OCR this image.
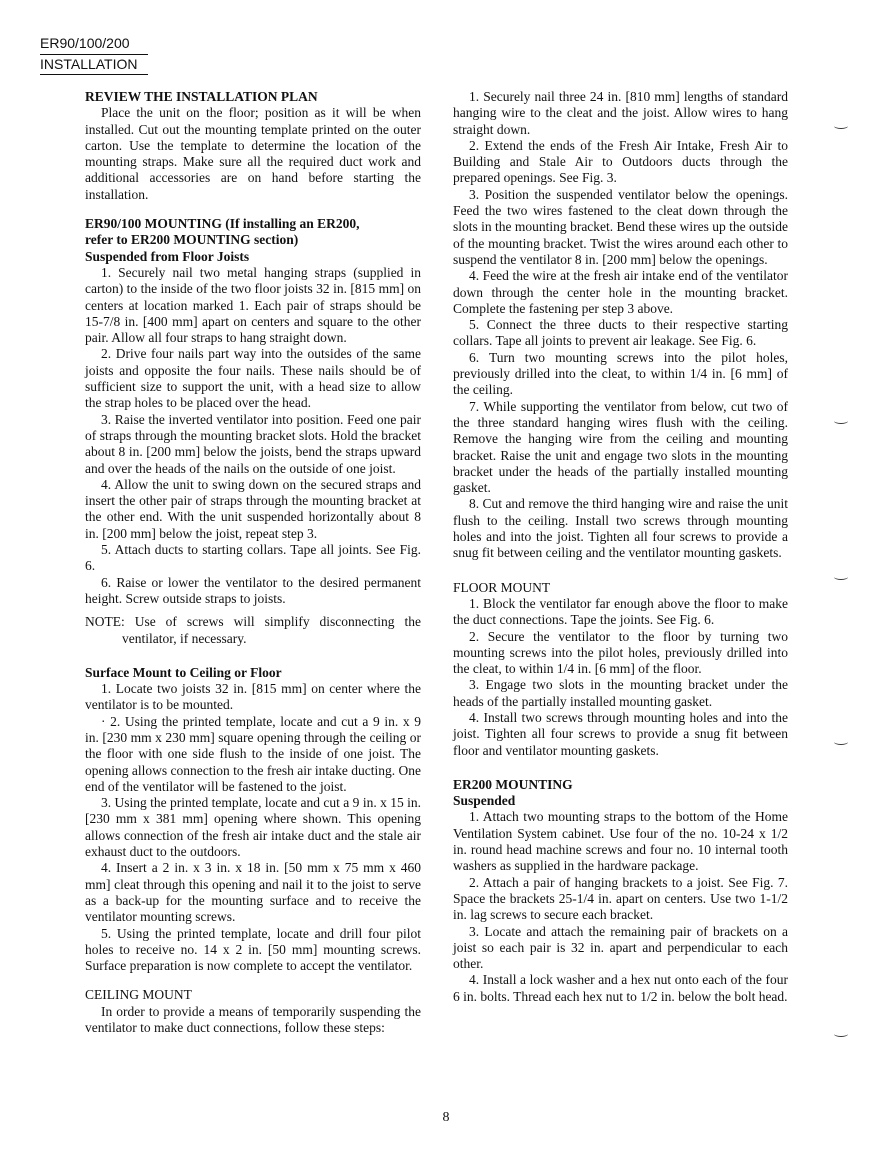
ER90/100/200
INSTALLATION
REVIEW THE INSTALLATION PLAN

Place the unit on the floor; position as it will be when installed. Cut out the mounting template printed on the outer carton. Use the template to determine the location of the mounting straps. Make sure all the required duct work and additional accessories are on hand before starting the installation.

ER90/100 MOUNTING (If installing an ER200,
refer to ER200 MOUNTING section)
Suspended from Floor Joists

1. Securely nail two metal hanging straps (supplied in carton) to the inside of the two floor joists 32 in. [815 mm] on centers at location marked 1. Each pair of straps should be 15-7/8 in. [400 mm] apart on centers and square to the other pair. Allow all four straps to hang straight down.

2. Drive four nails part way into the outsides of the same joists and opposite the four nails. These nails should be of sufficient size to support the unit, with a head size to allow the strap holes to be placed over the head.

3. Raise the inverted ventilator into position. Feed one pair of straps through the mounting bracket slots. Hold the bracket about 8 in. [200 mm] below the joists, bend the straps upward and over the heads of the nails on the outside of one joist.

4. Allow the unit to swing down on the secured straps and insert the other pair of straps through the mounting bracket at the other end. With the unit suspended horizontally about 8 in. [200 mm] below the joist, repeat step 3.

5. Attach ducts to starting collars. Tape all joints. See Fig. 6.

6. Raise or lower the ventilator to the desired permanent height. Screw outside straps to joists.

NOTE: Use of screws will simplify disconnecting the ventilator, if necessary.

Surface Mount to Ceiling or Floor

1. Locate two joists 32 in. [815 mm] on center where the ventilator is to be mounted.

· 2. Using the printed template, locate and cut a 9 in. x 9 in. [230 mm x 230 mm] square opening through the ceiling or the floor with one side flush to the inside of one joist. The opening allows connection to the fresh air intake ducting. One end of the ventilator will be fastened to the joist.

3. Using the printed template, locate and cut a 9 in. x 15 in. [230 mm x 381 mm] opening where shown. This opening allows connection of the fresh air intake duct and the stale air exhaust duct to the outdoors.

4. Insert a 2 in. x 3 in. x 18 in. [50 mm x 75 mm x 460 mm] cleat through this opening and nail it to the joist to serve as a back-up for the mounting surface and to receive the ventilator mounting screws.

5. Using the printed template, locate and drill four pilot holes to receive no. 14 x 2 in. [50 mm] mounting screws. Surface preparation is now complete to accept the ventilator.

CEILING MOUNT

In order to provide a means of temporarily suspending the ventilator to make duct connections, follow these steps:

1. Securely nail three 24 in. [810 mm] lengths of standard hanging wire to the cleat and the joist. Allow wires to hang straight down.

2. Extend the ends of the Fresh Air Intake, Fresh Air to Building and Stale Air to Outdoors ducts through the prepared openings. See Fig. 3.

3. Position the suspended ventilator below the openings. Feed the two wires fastened to the cleat down through the slots in the mounting bracket. Bend these wires up the outside of the mounting bracket. Twist the wires around each other to suspend the ventilator 8 in. [200 mm] below the openings.

4. Feed the wire at the fresh air intake end of the ventilator down through the center hole in the mounting bracket. Complete the fastening per step 3 above.

5. Connect the three ducts to their respective starting collars. Tape all joints to prevent air leakage. See Fig. 6.

6. Turn two mounting screws into the pilot holes, previously drilled into the cleat, to within 1/4 in. [6 mm] of the ceiling.

7. While supporting the ventilator from below, cut two of the three standard hanging wires flush with the ceiling. Remove the hanging wire from the ceiling and mounting bracket. Raise the unit and engage two slots in the mounting bracket under the heads of the partially installed mounting gasket.

8. Cut and remove the third hanging wire and raise the unit flush to the ceiling. Install two screws through mounting holes and into the joist. Tighten all four screws to provide a snug fit between ceiling and the ventilator mounting gaskets.

FLOOR MOUNT

1. Block the ventilator far enough above the floor to make the duct connections. Tape the joints. See Fig. 6.

2. Secure the ventilator to the floor by turning two mounting screws into the pilot holes, previously drilled into the cleat, to within 1/4 in. [6 mm] of the floor.

3. Engage two slots in the mounting bracket under the heads of the partially installed mounting gasket.

4. Install two screws through mounting holes and into the joist. Tighten all four screws to provide a snug fit between floor and ventilator mounting gaskets.

ER200 MOUNTING
Suspended

1. Attach two mounting straps to the bottom of the Home Ventilation System cabinet. Use four of the no. 10-24 x 1/2 in. round head machine screws and four no. 10 internal tooth washers as supplied in the hardware package.

2. Attach a pair of hanging brackets to a joist. See Fig. 7. Space the brackets 25-1/4 in. apart on centers. Use two 1-1/2 in. lag screws to secure each bracket.

3. Locate and attach the remaining pair of brackets on a joist so each pair is 32 in. apart and perpendicular to each other.

4. Install a lock washer and a hex nut onto each of the four 6 in. bolts. Thread each hex nut to 1/2 in. below the bolt head.

8
